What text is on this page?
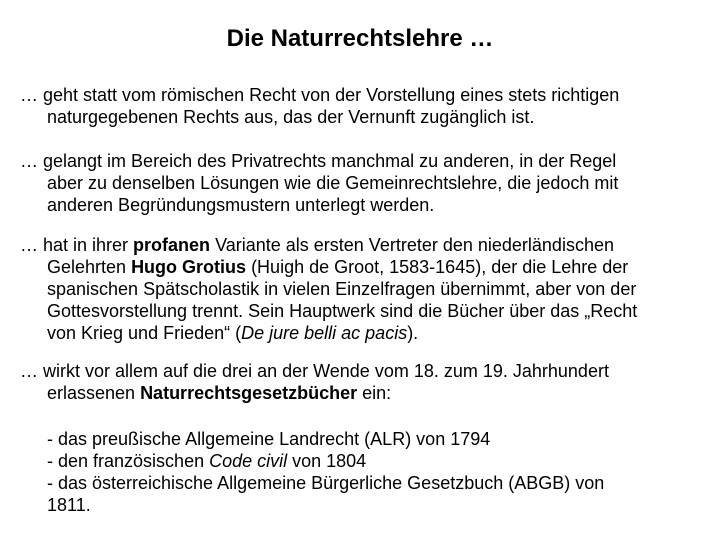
Die Naturrechtslehre …

… geht statt vom römischen Recht von der Vorstellung eines stets richtigen
naturgegebenen Rechts aus, das der Vernunft zugänglich ist.

… gelangt im Bereich des Privatrechts manchmal zu anderen, in der Regel
aber zu denselben Lösungen wie die Gemeinrechtslehre, die jedoch mit
anderen Begründungsmustern unterlegt werden.

… hat in ihrer profanen Variante als ersten Vertreter den niederländischen
Gelehrten Hugo Grotius (Huigh de Groot, 1583-1645), der die Lehre der
spanischen Spätscholastik in vielen Einzelfragen übernimmt, aber von der
Gottesvorstellung trennt. Sein Hauptwerk sind die Bücher über das „Recht
von Krieg und Frieden“ (De jure belli ac pacis).

… wirkt vor allem auf die drei an der Wende vom 18. zum 19. Jahrhundert
erlassenen Naturrechtsgesetzbücher ein:

- das preußische Allgemeine Landrecht (ALR) von 1794
- den französischen Code civil von 1804
- das österreichische Allgemeine Bürgerliche Gesetzbuch (ABGB) von
1811.
